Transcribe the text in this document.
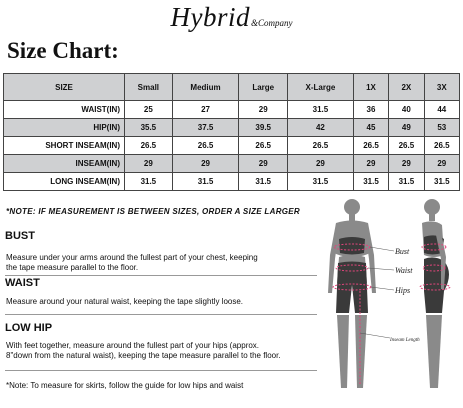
Hybrid&Company
Size Chart:
SIZE	Small	Medium	Large	X-Large	1X	2X	3X
WAIST(IN)	25	27	29	31.5	36	40	44
HIP(IN)	35.5	37.5	39.5	42	45	49	53
SHORT INSEAM(IN)	26.5	26.5	26.5	26.5	26.5	26.5	26.5
INSEAM(IN)	29	29	29	29	29	29	29
LONG INSEAM(IN)	31.5	31.5	31.5	31.5	31.5	31.5	31.5
*NOTE: IF MEASUREMENT IS BETWEEN SIZES, ORDER A SIZE LARGER
BUST
Measure under your arms around the fullest part of your chest, keeping
the tape measure parallel to the floor.
WAIST
Measure around your natural waist, keeping the tape slightly loose.
LOW HIP
With feet together, measure around the fullest part of your hips (approx.
8"down from the natural waist), keeping the tape measure parallel to the floor.
*Note: To measure for skirts, follow the guide for low hips and waist
Bust
Waist
Hips
Inseam Length
